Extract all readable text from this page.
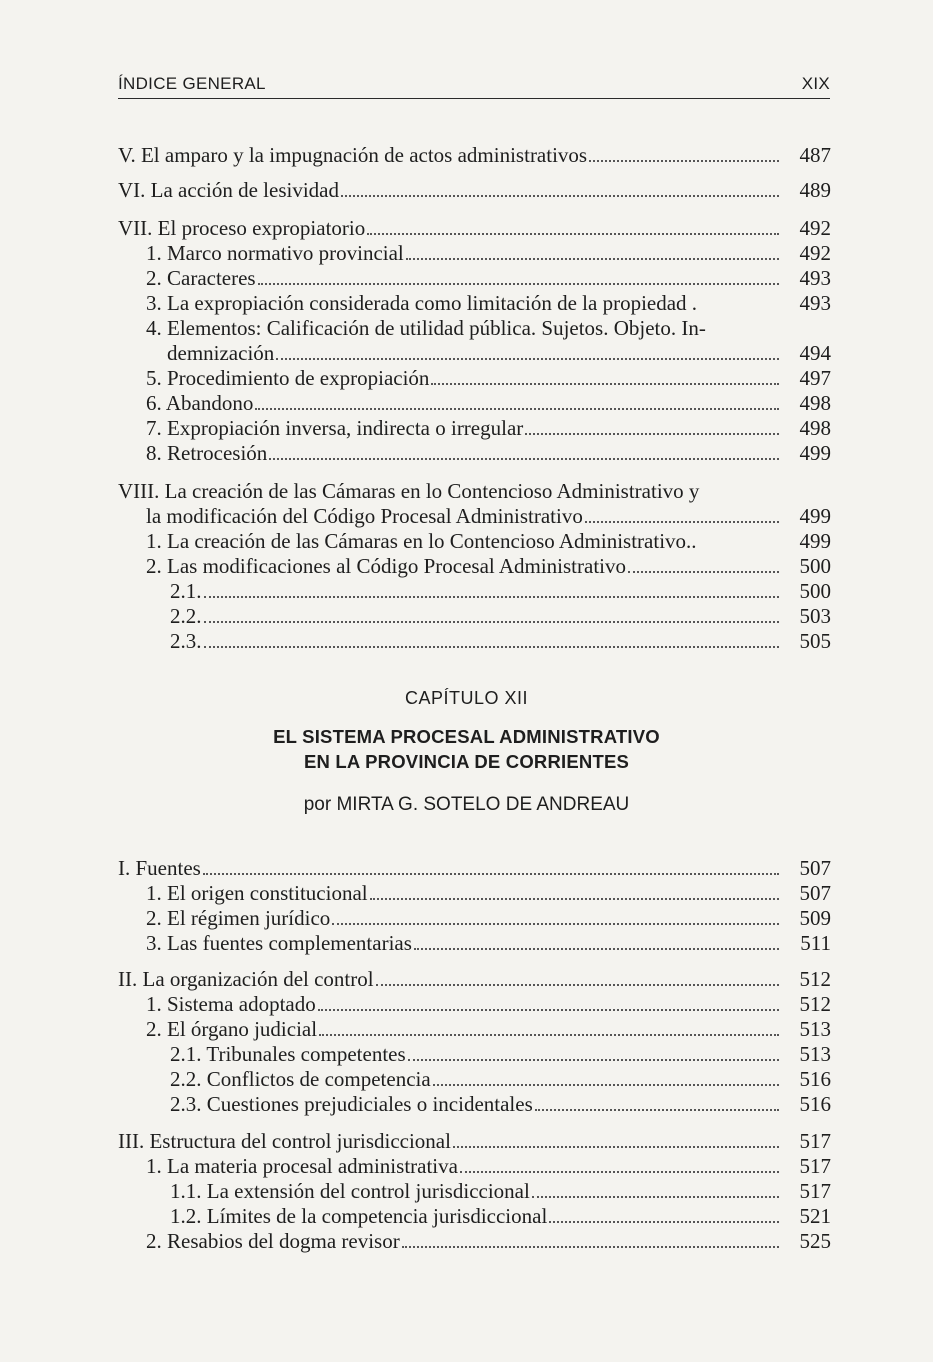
ÍNDICE GENERAL	XIX
V. El amparo y la impugnación de actos administrativos	487
VI. La acción de lesividad	489
VII. El proceso expropiatorio	492
1. Marco normativo provincial	492
2. Caracteres	493
3. La expropiación considerada como limitación de la propiedad .	493
4. Elementos: Calificación de utilidad pública. Sujetos. Objeto. In-
demnización	494
5. Procedimiento de expropiación	497
6. Abandono	498
7. Expropiación inversa, indirecta o irregular	498
8. Retrocesión	499
VIII. La creación de las Cámaras en lo Contencioso Administrativo y
la modificación del Código Procesal Administrativo	499
1. La creación de las Cámaras en lo Contencioso Administrativo..	499
2. Las modificaciones al Código Procesal Administrativo	500
2.1.	500
2.2.	503
2.3.	505
CAPÍTULO XII
EL SISTEMA PROCESAL ADMINISTRATIVO
EN LA PROVINCIA DE CORRIENTES
por MIRTA G. SOTELO DE ANDREAU
I. Fuentes	507
1. El origen constitucional	507
2. El régimen jurídico	509
3. Las fuentes complementarias	511
II. La organización del control	512
1. Sistema adoptado	512
2. El órgano judicial	513
2.1. Tribunales competentes	513
2.2. Conflictos de competencia	516
2.3. Cuestiones prejudiciales o incidentales	516
III. Estructura del control jurisdiccional	517
1. La materia procesal administrativa	517
1.1. La extensión del control jurisdiccional	517
1.2. Límites de la competencia jurisdiccional	521
2. Resabios del dogma revisor	525
